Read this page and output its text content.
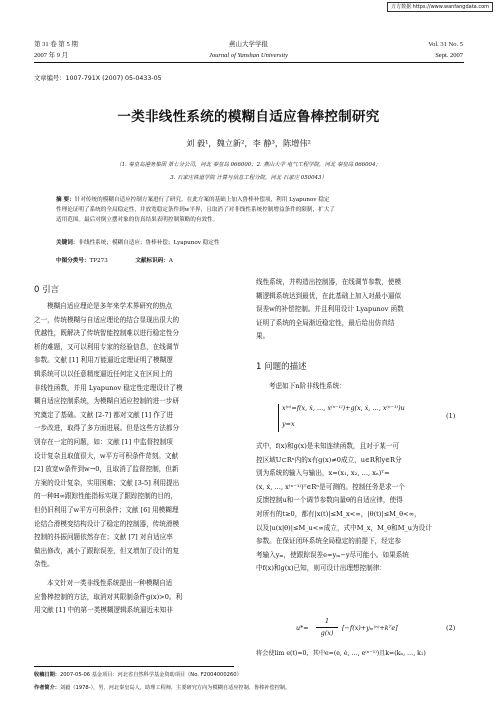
万方数据 https://www.wanfangdata.com
第 31 卷 第 5 期	燕山大学学报	Vol. 31 No. 5
2007 年 9 月	Journal of Yanshan University	Sept. 2007
文章编号：1007-791X (2007) 05-0433-05
一类非线性系统的模糊自适应鲁棒控制研究
刘 毅¹，魏立新²，李 静³，陈增伟²
（1. 秦皇岛港务集团 第七分公司，河北 秦皇岛 066000；2. 燕山大学 电气工程学院，河北 秦皇岛 066004；
3. 石家庄铁道学院 计算与信息工程分院，河北 石家庄 050043）
摘 要：针对传统的模糊自适应控制方案进行了研究。在此方案的基础上加入鲁棒补偿项，利用 Lyapunov 稳定
性理论证明了系统的全局稳定性，并放宽稳定条件到w平界，且取消了对非线性系统控制增益条件的限制，扩大了
适用范围。最后对倒立摆对象的仿真结果表明控制策略的有效性。
关键词：非线性系统；模糊自适应；鲁棒补偿；Lyapunov 稳定性
中图分类号：TP273	文献标识码：A
0 引言
模糊自适应理论是多年来学术界研究的热点
之一，传统模糊与自适应理论的结合显现出很大的
优越性，既解决了传统智能控制难以进行稳定性分
析的难题，又可以利用专家的经验信息，在线调节
参数。文献 [1] 利用万能逼近定理证明了模糊逻
辑系统可以以任意精度逼近任何定义在区间上的
非线性函数，并用 Lyapunov 稳定性定理设计了模
糊自适应控制系统，为模糊自适应控制的进一步研
究奠定了基础。文献 [2-7] 都对文献 [1] 作了进
一步改进，取得了多方面进展。但是这些方法都分
别存在一定的问题，如：文献 [1] 中监督控制项
设计复杂且取值很大，w平方可积条件苛刻。文献
[2] 放宽w条件到w→0，且取消了监督控制，但新
方案的设计复杂，实用困难；文献 [3-5] 利用提出
的一种H∞跟踪性能指标实现了跟踪控制的目的，
但仍旧利用了w平方可积条件；文献 [6] 用模糊理
论结合滑模变结构设计了稳定的控制器，传统滑模
控制的抖振问题依然存在；文献 [7] 对自适应率
做出修改，减小了跟踪误差，但又增加了设计的复
杂性。
本文针对一类非线性系统提出一种模糊自适
应鲁棒控制的方法，取消对其限制条件g(x)>0。利
用文献 [1] 中的第一类模糊逻辑系统逼近未知非
线性系统，并构造出控制器，在线调节参数，使模
糊逻辑系统达到最优，在此基础上加入对最小逼似
误差w的补偿控制。并且利用设计 Lyapunov 函数
证明了系统的全局渐近稳定性，最后给出仿真结
果。
1 问题的描述
考虑如下n阶非线性系统：
x⁽ⁿ⁾=f(x, ẋ, …, x⁽ⁿ⁻¹⁾)+g(x, ẋ, …, x⁽ⁿ⁻¹⁾)u
y=x
(1)
式中，f(x)和g(x)是未知连续函数，且对于某一可
控区域U⊂Rⁿ内的x有g(x)≠0成立，u∈R和y∈R分
别为系统的输入与输出，x=(x₁, x₂, …, xₙ)ᵀ=
(x, ẋ, …, x⁽ⁿ⁻¹⁾)ᵀ∈Rⁿ是可测的。控制任务是求一个
反馈控制u和一个调节参数向量θ的自适应律，使得
对所有的t≥0，都有|x(t)|≤M_x<∞，|θ(t)|≤M_θ<∞，
以及|u(x|θ)|≤M_u<∞成立，式中M_x，M_θ和M_u为设计
参数。在保证闭环系统全局稳定的前提下，经定参
考输入yₘ，使跟踪误差e=yₘ−y尽可能小。如果系统
中f(x)和g(x)已知，则可设计出理想控制律：
u*=
1
g(x)
[−f(x)+yₘ⁽ⁿ⁾+kᵀe]	(2)
将会使lim e(t)=0，其中e=(e, ė, …, e⁽ⁿ⁻¹⁾)且k=(kₙ, …, k₁)
收稿日期：2007-05-06 基金项目：河北省自然科学基金资助项目（No. F2004000260）
作者简介：刘毅（1978-），男，河北秦皇岛人，助理工程师，主要研究方向为模糊自适应控制、鲁棒补偿控制。
